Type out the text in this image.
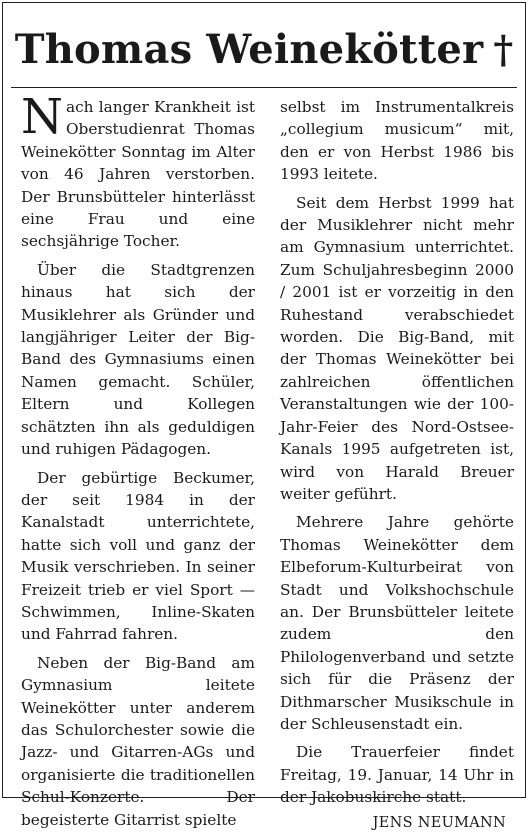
Thomas Weinekötter †

Nach langer Krankheit ist Oberstudienrat Thomas Weinekötter Sonntag im Alter von 46 Jahren verstorben. Der Brunsbütteler hinterlässt eine Frau und eine sechsjährige Tocher.

Über die Stadtgrenzen hinaus hat sich der Musiklehrer als Gründer und langjähriger Leiter der Big-Band des Gymnasiums einen Namen gemacht. Schüler, Eltern und Kollegen schätzten ihn als geduldigen und ruhigen Pädagogen.

Der gebürtige Beckumer, der seit 1984 in der Kanalstadt unterrichtete, hatte sich voll und ganz der Musik verschrieben. In seiner Freizeit trieb er viel Sport — Schwimmen, Inline-Skaten und Fahrrad fahren.

Neben der Big-Band am Gymnasium leitete Weinekötter unter anderem das Schulorchester sowie die Jazz- und Gitarren-AGs und organisierte die traditionellen Schul-Konzerte. Der begeisterte Gitarrist spielte

selbst im Instrumentalkreis „collegium musicum“ mit, den er von Herbst 1986 bis 1993 leitete.

Seit dem Herbst 1999 hat der Musiklehrer nicht mehr am Gymnasium unterrichtet. Zum Schuljahresbeginn 2000 / 2001 ist er vorzeitig in den Ruhestand verabschiedet worden. Die Big-Band, mit der Thomas Weinekötter bei zahlreichen öffentlichen Veranstaltungen wie der 100-Jahr-Feier des Nord-Ostsee-Kanals 1995 aufgetreten ist, wird von Harald Breuer weiter geführt.

Mehrere Jahre gehörte Thomas Weinekötter dem Elbeforum-Kulturbeirat von Stadt und Volkshochschule an. Der Brunsbütteler leitete zudem den Philologenverband und setzte sich für die Präsenz der Dithmarscher Musikschule in der Schleusenstadt ein.

Die Trauerfeier findet Freitag, 19. Januar, 14 Uhr in der Jakobuskirche statt.

JENS NEUMANN
